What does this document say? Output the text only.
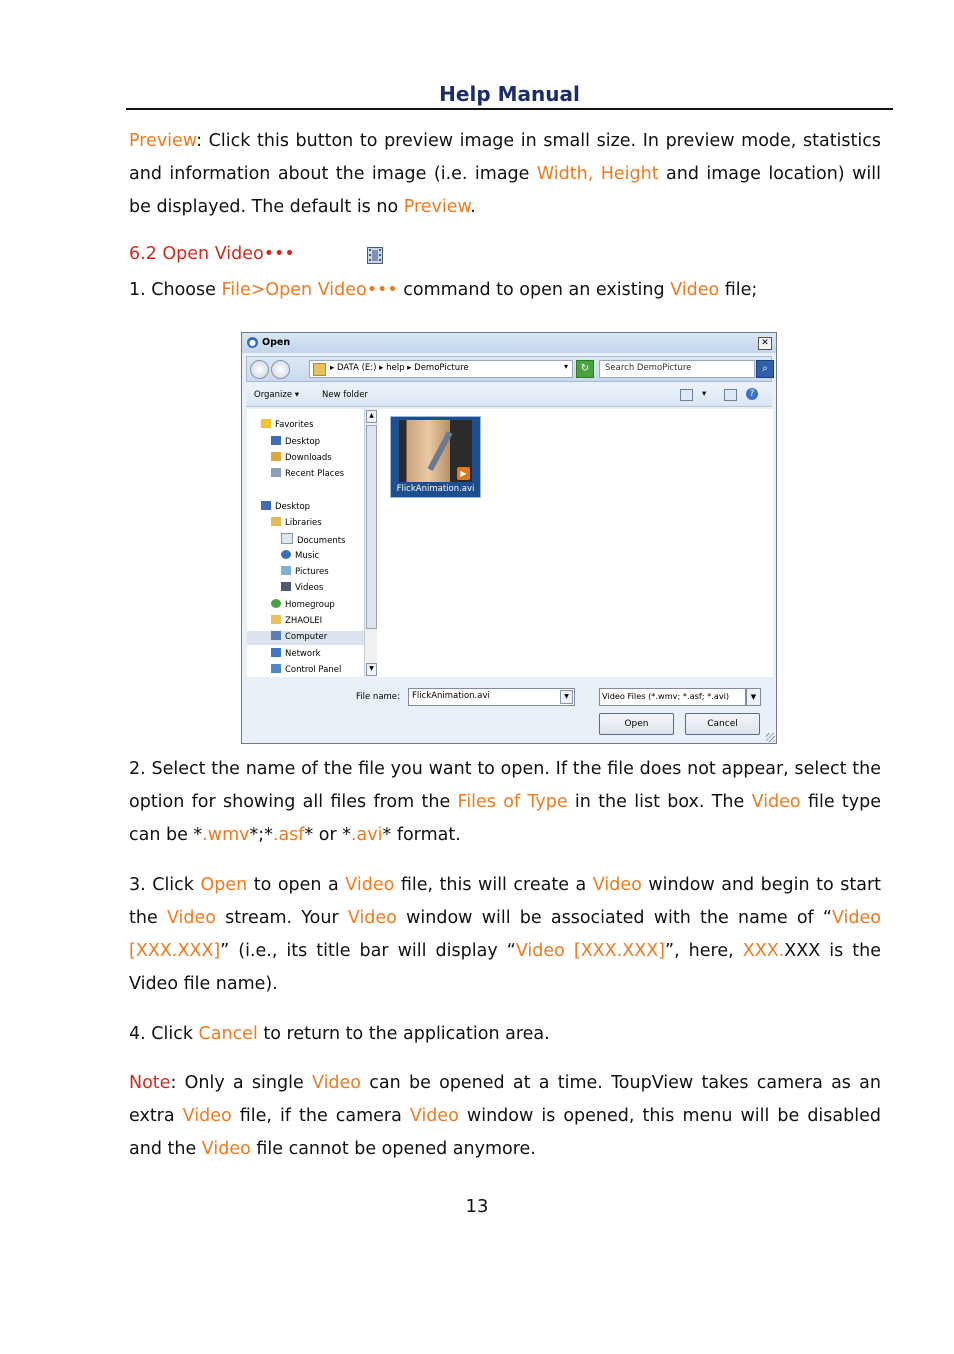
Help Manual

Preview: Click this button to preview image in small size. In preview mode, statistics and information about the image (i.e. image Width, Height and image location) will be displayed. The default is no Preview.

6.2 Open Video•••

1. Choose File>Open Video••• command to open an existing Video file;

● Open	✕
▸ DATA (E:) ▸ help ▸ DemoPicture	▾	↻	Search DemoPicture	⌕
Organize ▾	New folder	▾	?
Favorites
Desktop
Downloads
Recent Places
Desktop
Libraries
Documents
Music
Pictures
Videos
Homegroup
ZHAOLEI
Computer
Network
Control Panel
▲
▼
▶
FlickAnimation.avi
File name: FlickAnimation.avi	▼	Video Files (*.wmv; *.asf; *.avi)	▼
Open	Cancel

2. Select the name of the file you want to open. If the file does not appear, select the option for showing all files from the Files of Type in the list box. The Video file type can be *.wmv*;*.asf* or *.avi* format.

3. Click Open to open a Video file, this will create a Video window and begin to start the Video stream. Your Video window will be associated with the name of “Video [XXX.XXX]” (i.e., its title bar will display “Video [XXX.XXX]”, here, XXX.XXX is the Video file name).

4. Click Cancel to return to the application area.

Note: Only a single Video can be opened at a time. ToupView takes camera as an extra Video file, if the camera Video window is opened, this menu will be disabled and the Video file cannot be opened anymore.

13
